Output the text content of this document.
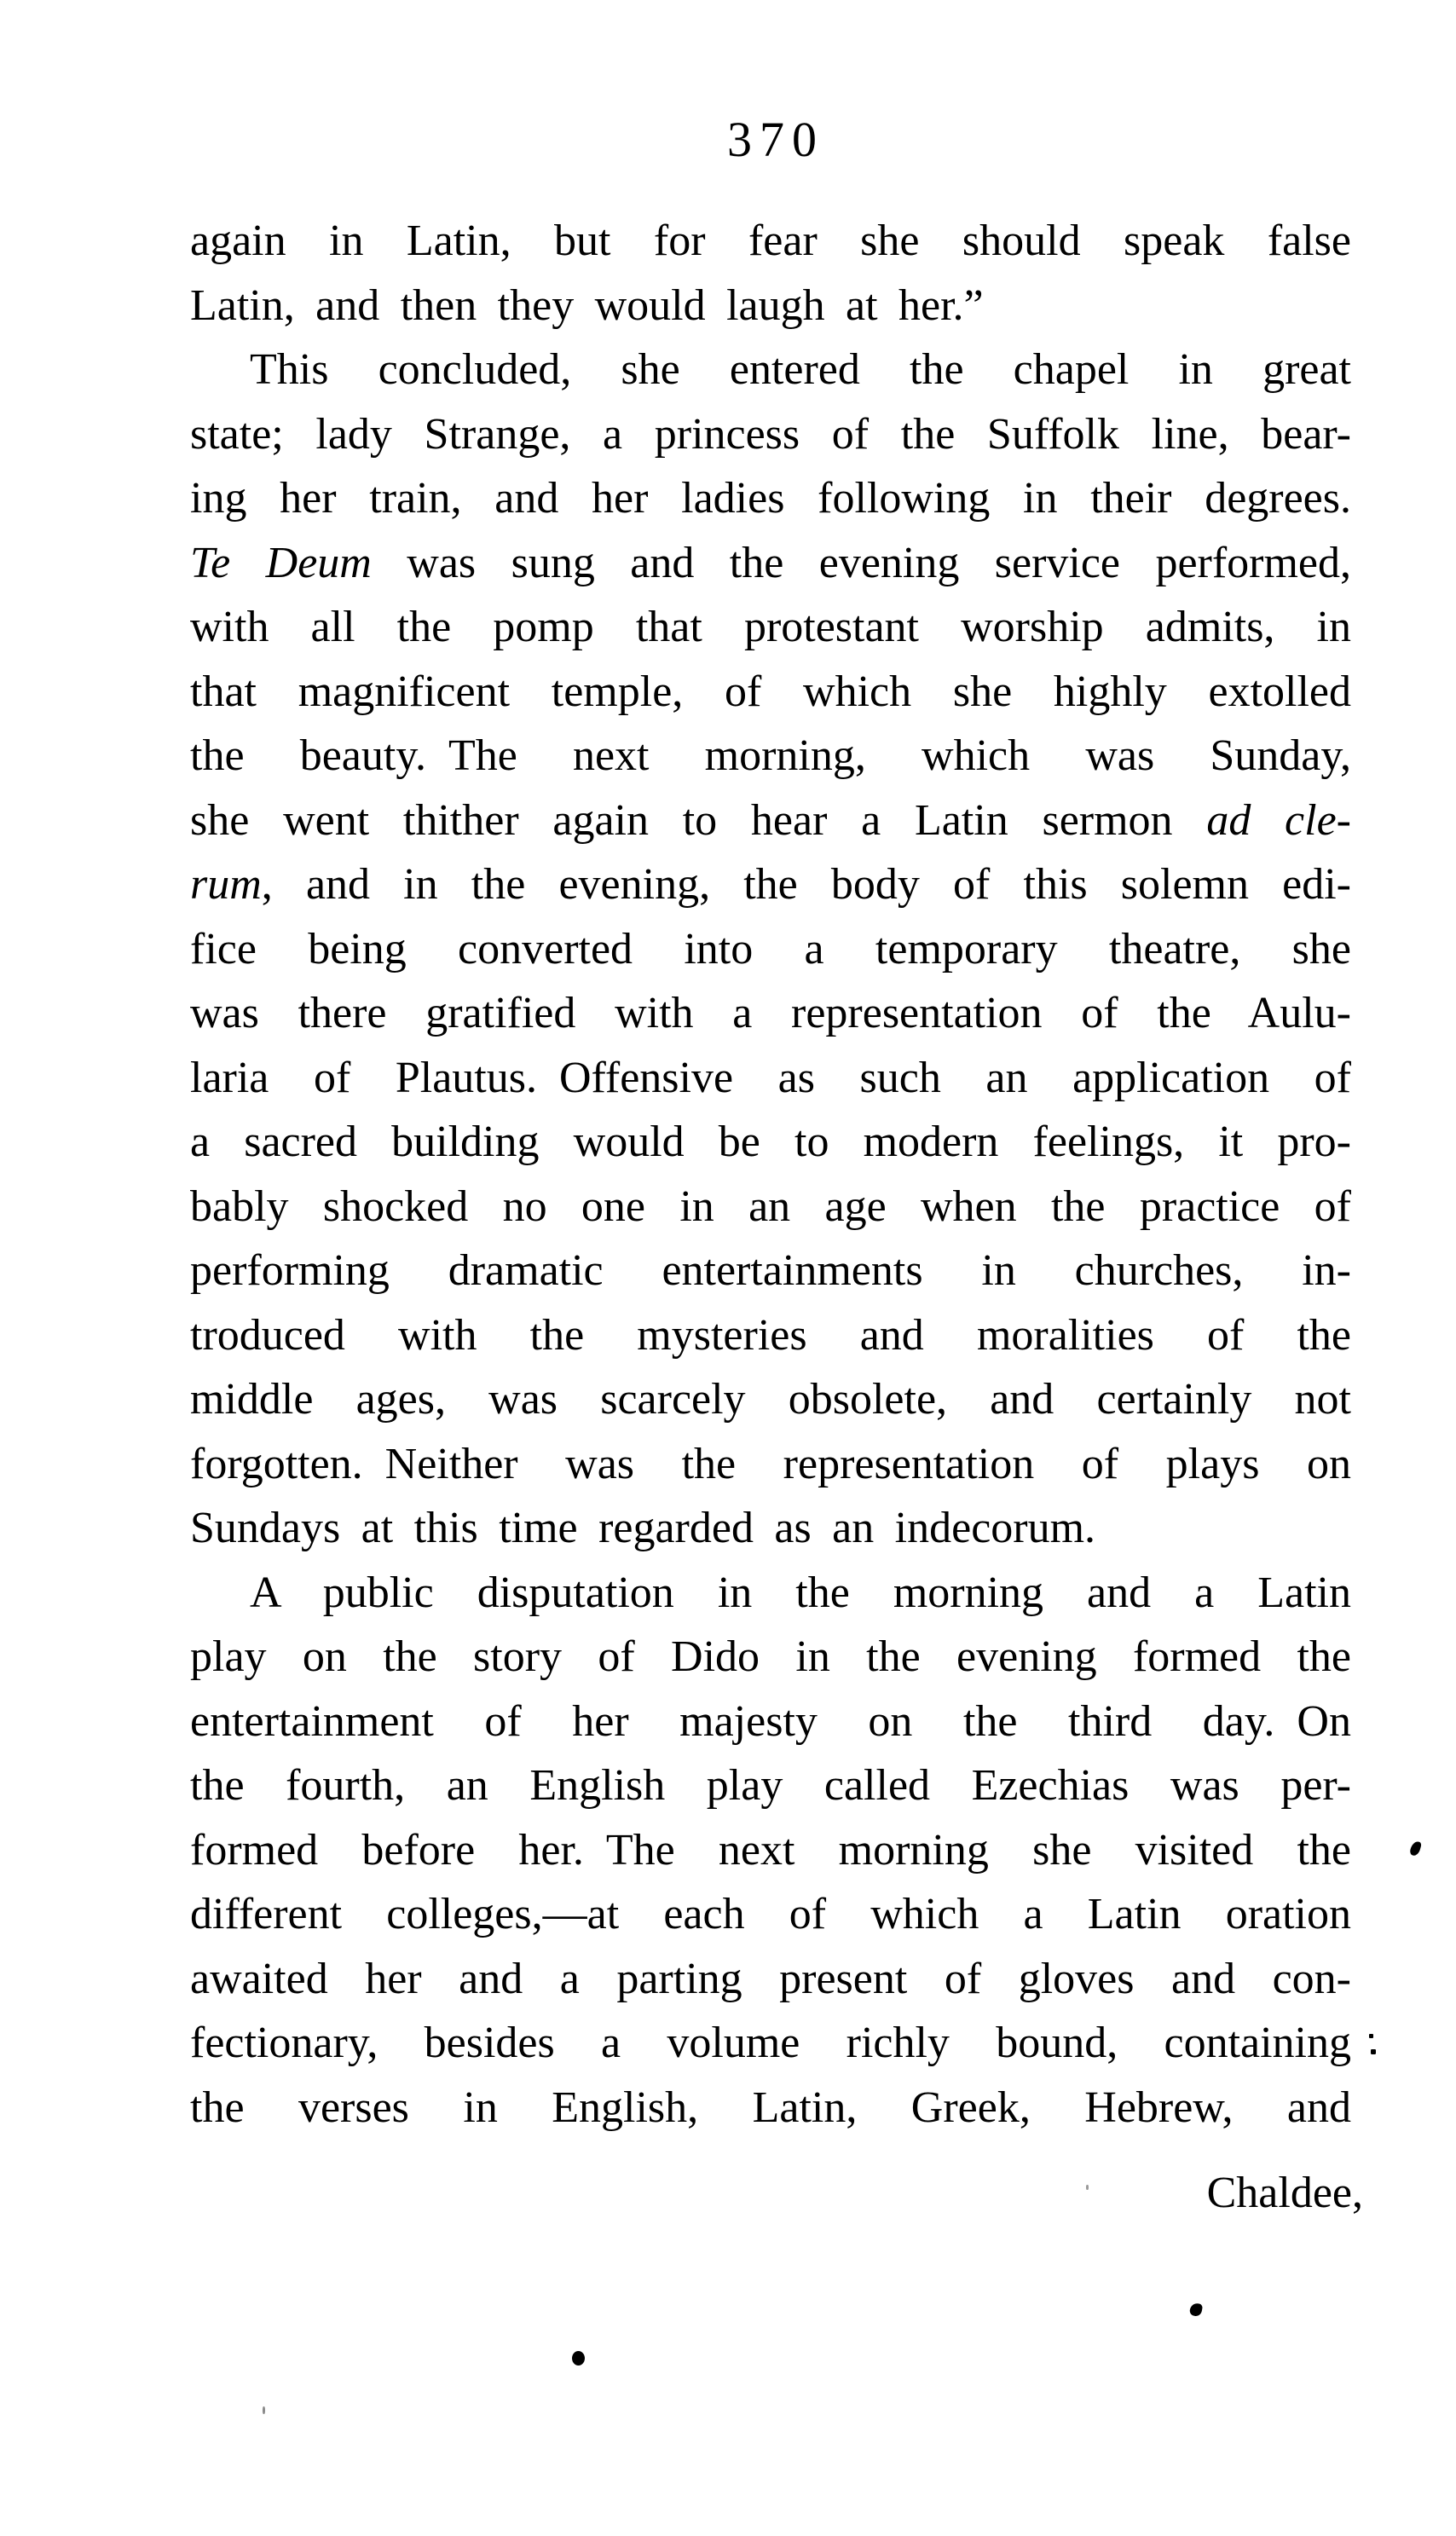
370
again in Latin, but for fear she should speak false
Latin, and then they would laugh at her.”
This concluded, she entered the chapel in great
state; lady Strange, a princess of the Suffolk line, bear-
ing her train, and her ladies following in their degrees.
Te Deum was sung and the evening service performed,
with all the pomp that protestant worship admits, in
that magnificent temple, of which she highly extolled
the beauty. The next morning, which was Sunday,
she went thither again to hear a Latin sermon ad cle-
rum, and in the evening, the body of this solemn edi-
fice being converted into a temporary theatre, she
was there gratified with a representation of the Aulu-
laria of Plautus. Offensive as such an application of
a sacred building would be to modern feelings, it pro-
bably shocked no one in an age when the practice of
performing dramatic entertainments in churches, in-
troduced with the mysteries and moralities of the
middle ages, was scarcely obsolete, and certainly not
forgotten. Neither was the representation of plays on
Sundays at this time regarded as an indecorum.
A public disputation in the morning and a Latin
play on the story of Dido in the evening formed the
entertainment of her majesty on the third day. On
the fourth, an English play called Ezechias was per-
formed before her. The next morning she visited the
different colleges,—at each of which a Latin oration
awaited her and a parting present of gloves and con-
fectionary, besides a volume richly bound, containing
the verses in English, Latin, Greek, Hebrew, and
Chaldee,
